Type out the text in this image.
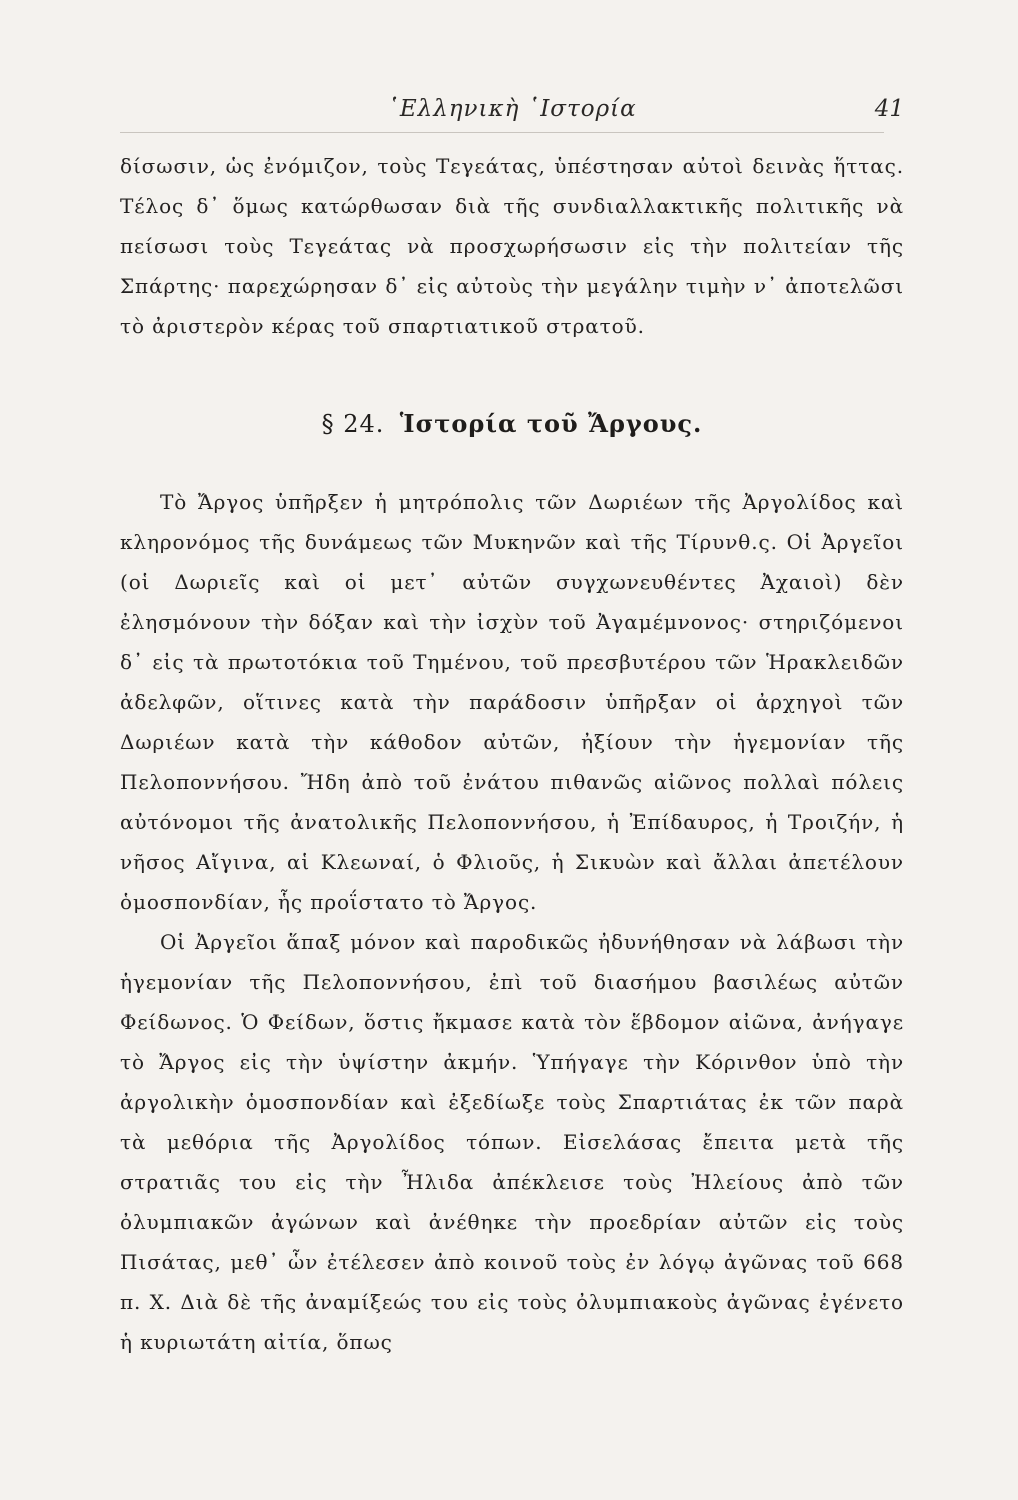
῾Ελληνικὴ ῾Ιστορία	41

δίσωσιν, ὡς ἐνόμιζον, τοὺς Τεγεάτας, ὑπέστησαν αὐτοὶ δεινὰς ἥττας. Τέλος δ᾽ ὅμως κατώρθωσαν διὰ τῆς συνδιαλλακτικῆς πολιτικῆς νὰ πείσωσι τοὺς Τεγεάτας νὰ προσχωρήσωσιν εἰς τὴν πολιτείαν τῆς Σπάρτης· παρεχώρησαν δ᾽ εἰς αὐτοὺς τὴν μεγάλην τιμὴν ν᾽ ἀποτελῶσι τὸ ἀριστερὸν κέρας τοῦ σπαρτιατικοῦ στρατοῦ.

§ 24. Ἱστορία τοῦ Ἄργους.

Τὸ Ἄργος ὑπῆρξεν ἡ μητρόπολις τῶν Δωριέων τῆς Ἀργολίδος καὶ κληρονόμος τῆς δυνάμεως τῶν Μυκηνῶν καὶ τῆς Τίρυνθ.ς. Οἱ Ἀργεῖοι (οἱ Δωριεῖς καὶ οἱ μετ᾽ αὐτῶν συγχωνευθέντες Ἀχαιοὶ) δὲν ἐλησμόνουν τὴν δόξαν καὶ τὴν ἰσχὺν τοῦ Ἀγαμέμνονος· στηριζόμενοι δ᾽ εἰς τὰ πρωτοτόκια τοῦ Τημένου, τοῦ πρεσβυτέρου τῶν Ἡρακλειδῶν ἀδελφῶν, οἵτινες κατὰ τὴν παράδοσιν ὑπῆρξαν οἱ ἀρχηγοὶ τῶν Δωριέων κατὰ τὴν κάθοδον αὐτῶν, ἠξίουν τὴν ἡγεμονίαν τῆς Πελοποννήσου. Ἤδη ἀπὸ τοῦ ἐνάτου πιθανῶς αἰῶνος πολλαὶ πόλεις αὐτόνομοι τῆς ἀνατολικῆς Πελοποννήσου, ἡ Ἐπίδαυρος, ἡ Τροιζήν, ἡ νῆσος Αἴγινα, αἱ Κλεωναί, ὁ Φλιοῦς, ἡ Σικυὼν καὶ ἄλλαι ἀπετέλουν ὁμοσπονδίαν, ἧς προΐστατο τὸ Ἄργος.

Οἱ Ἀργεῖοι ἅπαξ μόνον καὶ παροδικῶς ἠδυνήθησαν νὰ λάβωσι τὴν ἡγεμονίαν τῆς Πελοποννήσου, ἐπὶ τοῦ διασήμου βασιλέως αὐτῶν Φείδωνος. Ὁ Φείδων, ὅστις ἤκμασε κατὰ τὸν ἕβδομον αἰῶνα, ἀνήγαγε τὸ Ἄργος εἰς τὴν ὑψίστην ἀκμήν. Ὑπήγαγε τὴν Κόρινθον ὑπὸ τὴν ἀργολικὴν ὁμοσπονδίαν καὶ ἐξεδίωξε τοὺς Σπαρτιάτας ἐκ τῶν παρὰ τὰ μεθόρια τῆς Ἀργολίδος τόπων. Εἰσελάσας ἔπειτα μετὰ τῆς στρατιᾶς του εἰς τὴν Ἦλιδα ἀπέκλεισε τοὺς Ἠλείους ἀπὸ τῶν ὀλυμπιακῶν ἀγώνων καὶ ἀνέθηκε τὴν προεδρίαν αὐτῶν εἰς τοὺς Πισάτας, μεθ᾽ ὧν ἐτέλεσεν ἀπὸ κοινοῦ τοὺς ἐν λόγῳ ἀγῶνας τοῦ 668 π. Χ. Διὰ δὲ τῆς ἀναμίξεώς του εἰς τοὺς ὀλυμπιακοὺς ἀγῶνας ἐγένετο ἡ κυριωτάτη αἰτία, ὅπως
